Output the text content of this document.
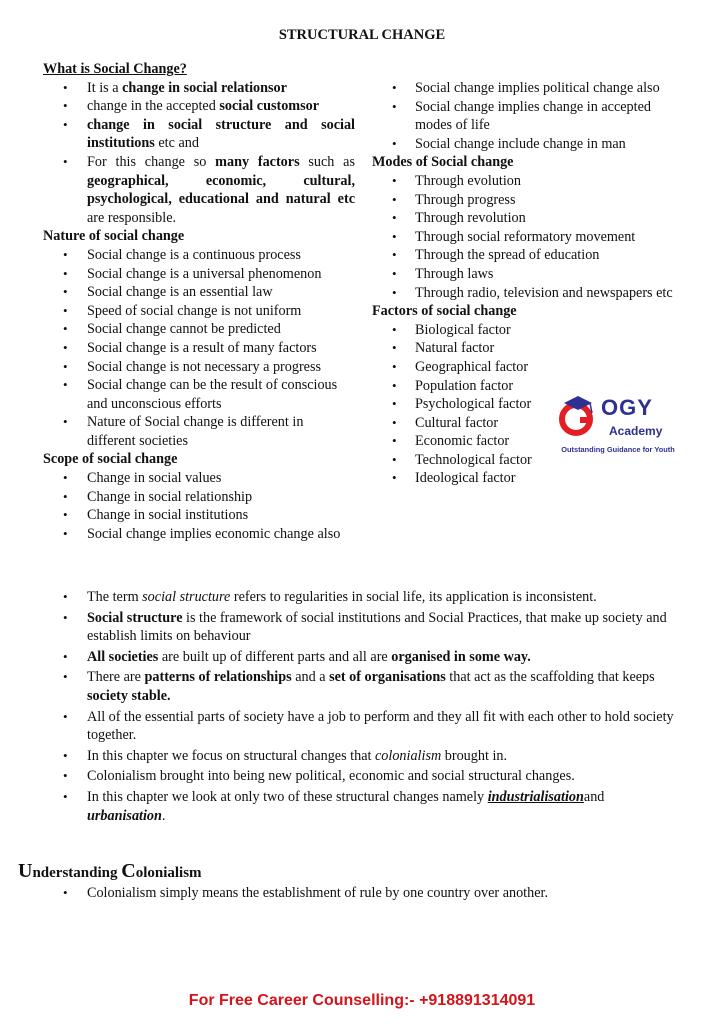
STRUCTURAL CHANGE

What is Social Change?

• It is a change in social relationsor
• change in the accepted social customsor
• change in social structure and social institutions etc and
• For this change so many factors such as geographical, economic, cultural, psychological, educational and natural etc are responsible.

Nature of social change

• Social change is a continuous process
• Social change is a universal phenomenon
• Social change is an essential law
• Speed of social change is not uniform
• Social change cannot be predicted
• Social change is a result of many factors
• Social change is not necessary a progress
• Social change can be the result of conscious and unconscious efforts
• Nature of Social change is different in different societies

Scope of social change

• Change in social values
• Change in social relationship
• Change in social institutions
• Social change implies economic change also
• Social change implies political change also
• Social change implies change in accepted modes of life
• Social change include change in man

Modes of Social change

• Through evolution
• Through progress
• Through revolution
• Through social reformatory movement
• Through the spread of education
• Through laws
• Through radio, television and newspapers etc

Factors of social change

• Biological factor
• Natural factor
• Geographical factor
• Population factor
• Psychological factor
• Cultural factor
• Economic factor
• Technological factor
• Ideological factor
OGY
Academy
Outstanding Guidance for Youth
• The term social structure refers to regularities in social life, its application is inconsistent.
• Social structure is the framework of social institutions and Social Practices, that make up society and establish limits on behaviour
• All societies are built up of different parts and all are organised in some way.
• There are patterns of relationships and a set of organisations that act as the scaffolding that keeps society stable.
• All of the essential parts of society have a job to perform and they all fit with each other to hold society together.
• In this chapter we focus on structural changes that colonialism brought in.
• Colonialism brought into being new political, economic and social structural changes.
• In this chapter we look at only two of these structural changes namely industrialisationand urbanisation.
Understanding Colonialism
• Colonialism simply means the establishment of rule by one country over another.
For Free Career Counselling:- +918891314091
